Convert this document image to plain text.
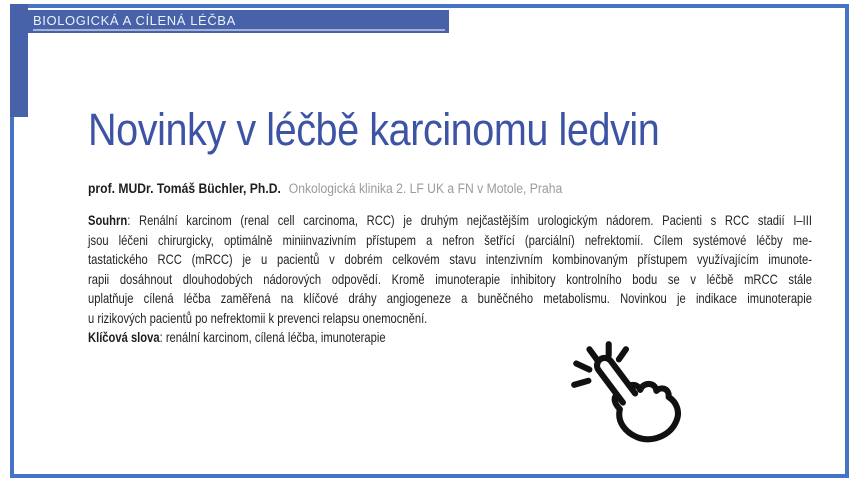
BIOLOGICKÁ A CÍLENÁ LÉČBA
Novinky v léčbě karcinomu ledvin
prof. MUDr. Tomáš Büchler, Ph.D. Onkologická klinika 2. LF UK a FN v Motole, Praha
Souhrn: Renální karcinom (renal cell carcinoma, RCC) je druhým nejčastějším urologickým nádorem. Pacienti s RCC stadií I–III
jsou léčeni chirurgicky, optimálně miniinvazivním přístupem a nefron šetřící (parciální) nefrektomií. Cílem systémové léčby me-
tastatického RCC (mRCC) je u pacientů v dobrém celkovém stavu intenzivním kombinovaným přístupem využívajícím imunote-
rapii dosáhnout dlouhodobých nádorových odpovědí. Kromě imunoterapie inhibitory kontrolního bodu se v léčbě mRCC stále
uplatňuje cílená léčba zaměřená na klíčové dráhy angiogeneze a buněčného metabolismu. Novinkou je indikace imunoterapie
u rizikových pacientů po nefrektomii k prevenci relapsu onemocnění.
Klíčová slova: renální karcinom, cílená léčba, imunoterapie
